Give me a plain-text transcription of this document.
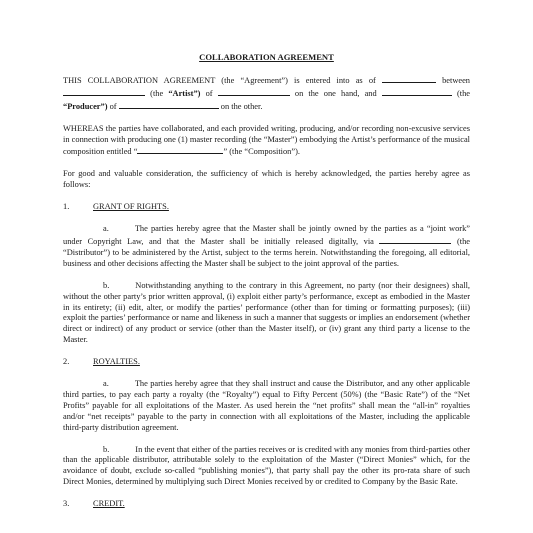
COLLABORATION AGREEMENT

THIS COLLABORATION AGREEMENT (the “Agreement”) is entered into as of	between
(the “Artist”) of	on the one hand, and	(the
“Producer”) of	on the other.

WHEREAS the parties have collaborated, and each provided writing, producing, and/or recording non-excusive services in connection with producing one (1) master recording (the “Master”) embodying the Artist’s performance of the musical composition entitled “	” (the “Composition”).

For good and valuable consideration, the sufficiency of which is hereby acknowledged, the parties hereby agree as follows:

1.	GRANT OF RIGHTS.

a.	The parties hereby agree that the Master shall be jointly owned by the parties as a “joint work” under Copyright Law, and that the Master shall be initially released digitally, via	(the “Distributor”) to be administered by the Artist, subject to the terms herein. Notwithstanding the foregoing, all editorial, business and other decisions affecting the Master shall be subject to the joint approval of the parties.

b.	Notwithstanding anything to the contrary in this Agreement, no party (nor their designees) shall, without the other party’s prior written approval, (i) exploit either party’s performance, except as embodied in the Master in its entirety; (ii) edit, alter, or modify the parties’ performance (other than for timing or formatting purposes); (iii) exploit the parties’ performance or name and likeness in such a manner that suggests or implies an endorsement (whether direct or indirect) of any product or service (other than the Master itself), or (iv) grant any third party a license to the Master.

2.	ROYALTIES.

a.	The parties hereby agree that they shall instruct and cause the Distributor, and any other applicable third parties, to pay each party a royalty (the “Royalty”) equal to Fifty Percent (50%) (the “Basic Rate”) of the “Net Profits” payable for all exploitations of the Master. As used herein the “net profits” shall mean the “all-in” royalties and/or “net receipts” payable to the party in connection with all exploitations of the Master, including the applicable third-party distribution agreement.

b.	In the event that either of the parties receives or is credited with any monies from third-parties other than the applicable distributor, attributable solely to the exploitation of the Master (“Direct Monies” which, for the avoidance of doubt, exclude so-called “publishing monies”), that party shall pay the other its pro-rata share of such Direct Monies, determined by multiplying such Direct Monies received by or credited to Company by the Basic Rate.

3.	CREDIT.
